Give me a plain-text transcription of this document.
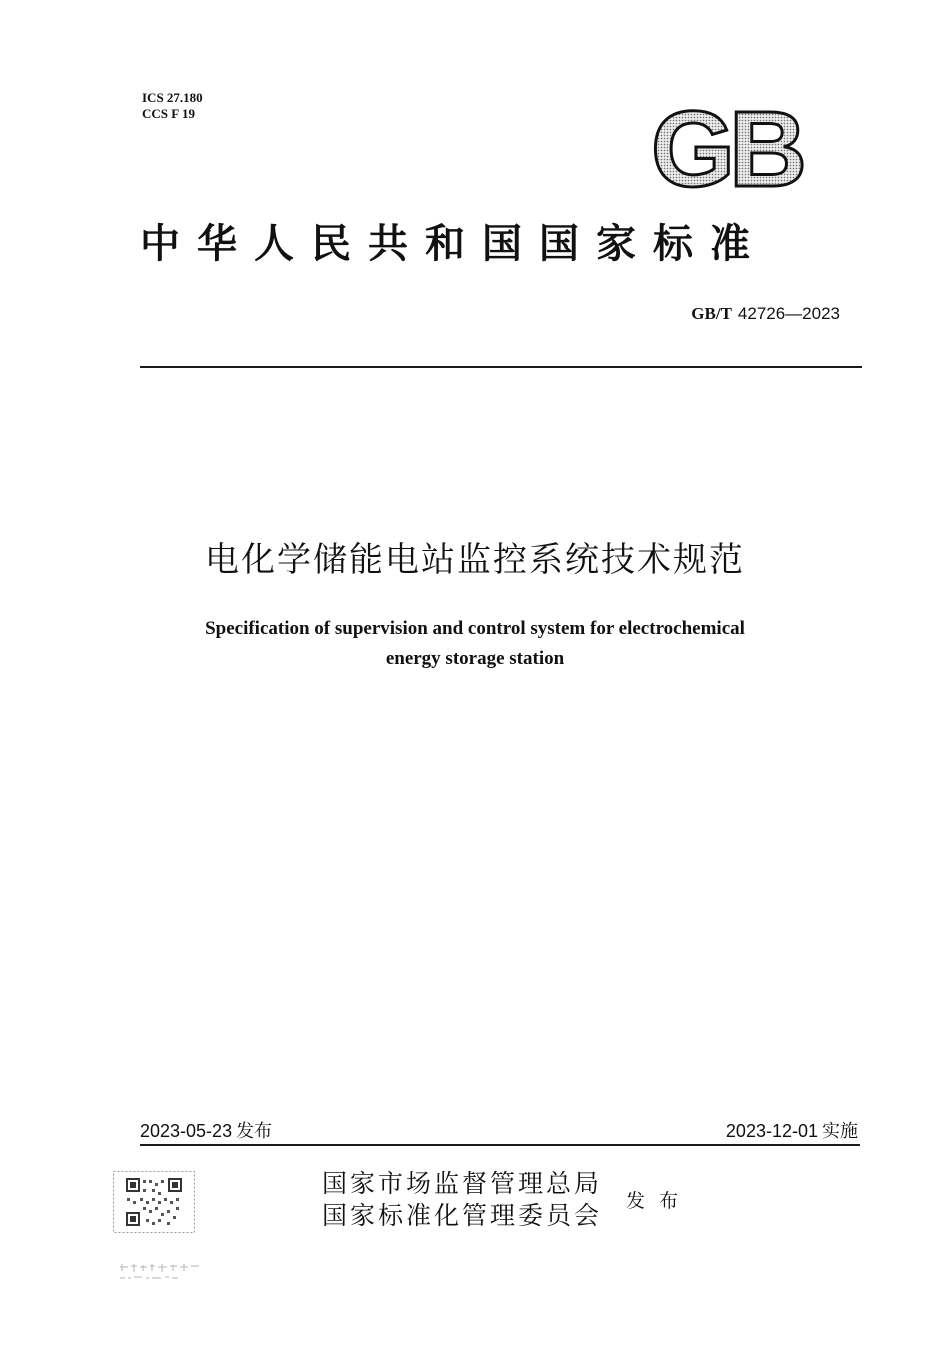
ICS 27.180
CCS F 19	GB
中华人民共和国国家标准
GB/T 42726—2023
电化学储能电站监控系统技术规范
Specification of supervision and control system for electrochemical
energy storage station
2023-05-23 发布	2023-12-01 实施
国家市场监督管理总局
国家标准化管理委员会 发布
